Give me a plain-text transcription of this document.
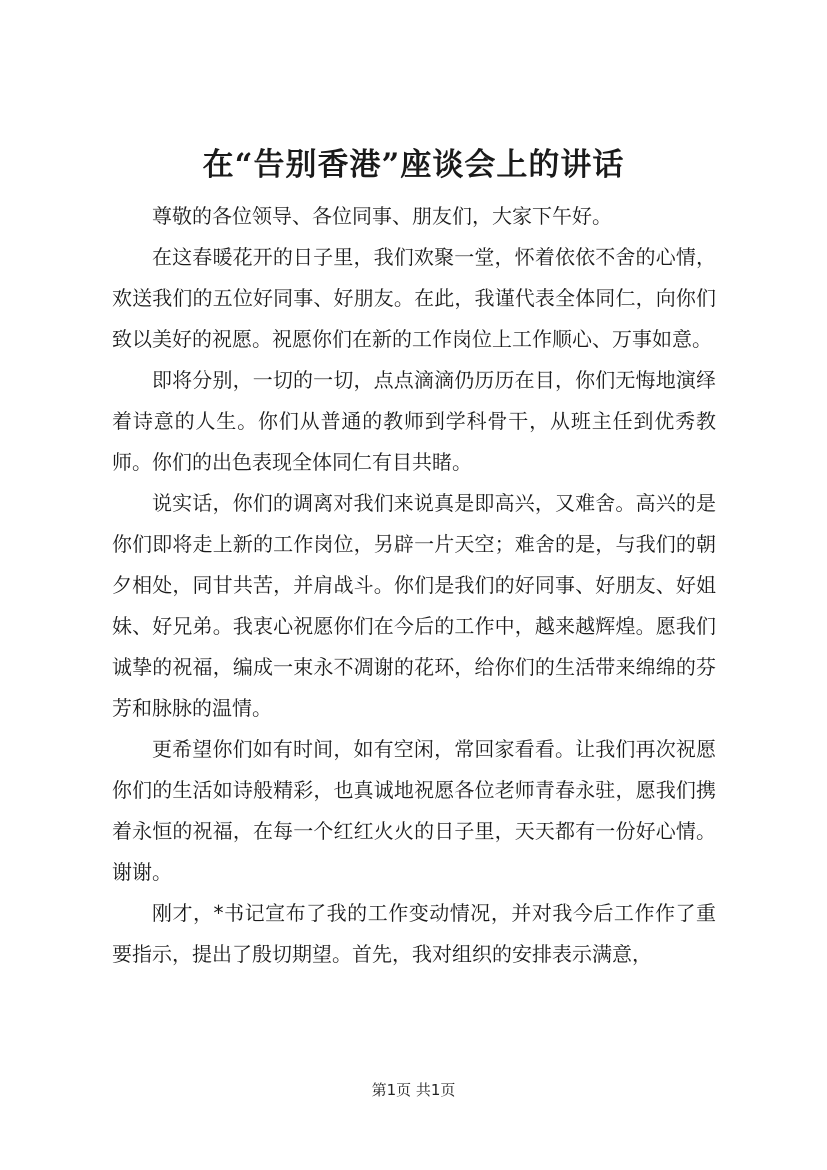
在“告别香港”座谈会上的讲话

尊敬的各位领导、各位同事、朋友们，大家下午好。

在这春暖花开的日子里，我们欢聚一堂，怀着依依不舍的心情，欢送我们的五位好同事、好朋友。在此，我谨代表全体同仁，向你们致以美好的祝愿。祝愿你们在新的工作岗位上工作顺心、万事如意。

即将分别，一切的一切，点点滴滴仍历历在目，你们无悔地演绎着诗意的人生。你们从普通的教师到学科骨干，从班主任到优秀教师。你们的出色表现全体同仁有目共睹。

说实话，你们的调离对我们来说真是即高兴，又难舍。高兴的是你们即将走上新的工作岗位，另辟一片天空；难舍的是，与我们的朝夕相处，同甘共苦，并肩战斗。你们是我们的好同事、好朋友、好姐妹、好兄弟。我衷心祝愿你们在今后的工作中，越来越辉煌。愿我们诚挚的祝福，编成一束永不凋谢的花环，给你们的生活带来绵绵的芬芳和脉脉的温情。

更希望你们如有时间，如有空闲，常回家看看。让我们再次祝愿你们的生活如诗般精彩，也真诚地祝愿各位老师青春永驻，愿我们携着永恒的祝福，在每一个红红火火的日子里，天天都有一份好心情。谢谢。

刚才，*书记宣布了我的工作变动情况，并对我今后工作作了重要指示，提出了殷切期望。首先，我对组织的安排表示满意，

第1页 共1页
